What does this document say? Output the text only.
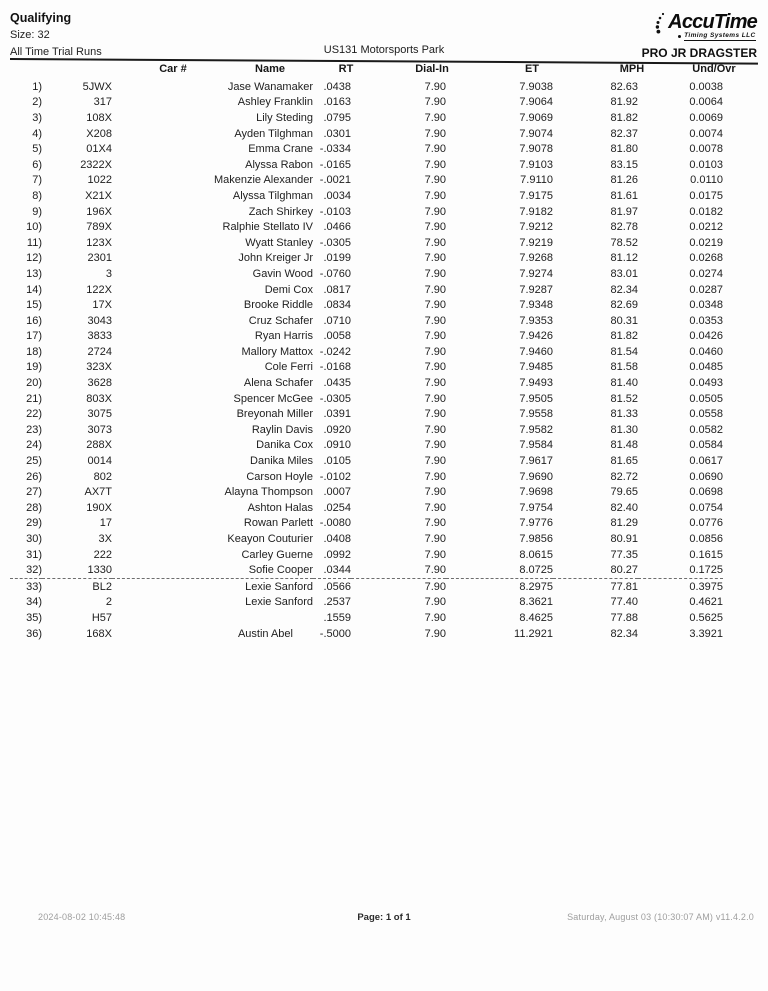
Qualifying
Size: 32
All Time Trial Runs	US131 Motorsports Park
AccuTime
Timing Systems LLC
PRO JR DRAGSTER
Car #	Name	RT	Dial-In	ET	MPH	Und/Ovr
1)	5JWX	Jase Wanamaker	.0438	7.90	7.9038	82.63	0.0038
2)	317	Ashley Franklin	.0163	7.90	7.9064	81.92	0.0064
3)	108X	Lily Steding	.0795	7.90	7.9069	81.82	0.0069
4)	X208	Ayden Tilghman	.0301	7.90	7.9074	82.37	0.0074
5)	01X4	Emma Crane	-.0334	7.90	7.9078	81.80	0.0078
6)	2322X	Alyssa Rabon	-.0165	7.90	7.9103	83.15	0.0103
7)	1022	Makenzie Alexander	-.0021	7.90	7.9110	81.26	0.0110
8)	X21X	Alyssa Tilghman	.0034	7.90	7.9175	81.61	0.0175
9)	196X	Zach Shirkey	-.0103	7.90	7.9182	81.97	0.0182
10)	789X	Ralphie Stellato IV	.0466	7.90	7.9212	82.78	0.0212
11)	123X	Wyatt Stanley	-.0305	7.90	7.9219	78.52	0.0219
12)	2301	John Kreiger Jr	.0199	7.90	7.9268	81.12	0.0268
13)	3	Gavin Wood	-.0760	7.90	7.9274	83.01	0.0274
14)	122X	Demi Cox	.0817	7.90	7.9287	82.34	0.0287
15)	17X	Brooke Riddle	.0834	7.90	7.9348	82.69	0.0348
16)	3043	Cruz Schafer	.0710	7.90	7.9353	80.31	0.0353
17)	3833	Ryan Harris	.0058	7.90	7.9426	81.82	0.0426
18)	2724	Mallory Mattox	-.0242	7.90	7.9460	81.54	0.0460
19)	323X	Cole Ferri	-.0168	7.90	7.9485	81.58	0.0485
20)	3628	Alena Schafer	.0435	7.90	7.9493	81.40	0.0493
21)	803X	Spencer McGee	-.0305	7.90	7.9505	81.52	0.0505
22)	3075	Breyonah Miller	.0391	7.90	7.9558	81.33	0.0558
23)	3073	Raylin Davis	.0920	7.90	7.9582	81.30	0.0582
24)	288X	Danika Cox	.0910	7.90	7.9584	81.48	0.0584
25)	0014	Danika Miles	.0105	7.90	7.9617	81.65	0.0617
26)	802	Carson Hoyle	-.0102	7.90	7.9690	82.72	0.0690
27)	AX7T	Alayna Thompson	.0007	7.90	7.9698	79.65	0.0698
28)	190X	Ashton Halas	.0254	7.90	7.9754	82.40	0.0754
29)	17	Rowan Parlett	-.0080	7.90	7.9776	81.29	0.0776
30)	3X	Keayon Couturier	.0408	7.90	7.9856	80.91	0.0856
31)	222	Carley Guerne	.0992	7.90	8.0615	77.35	0.1615
32)	1330	Sofie Cooper	.0344	7.90	8.0725	80.27	0.1725
33)	BL2	Lexie Sanford	.0566	7.90	8.2975	77.81	0.3975
34)	2	Lexie Sanford	.2537	7.90	8.3621	77.40	0.4621
35)	H57		.1559	7.90	8.4625	77.88	0.5625
36)	168X	Austin Abel	-.5000	7.90	11.2921	82.34	3.3921
2024-08-02 10:45:48	Page: 1 of 1	Saturday, August 03 (10:30:07 AM) v11.4.2.0
